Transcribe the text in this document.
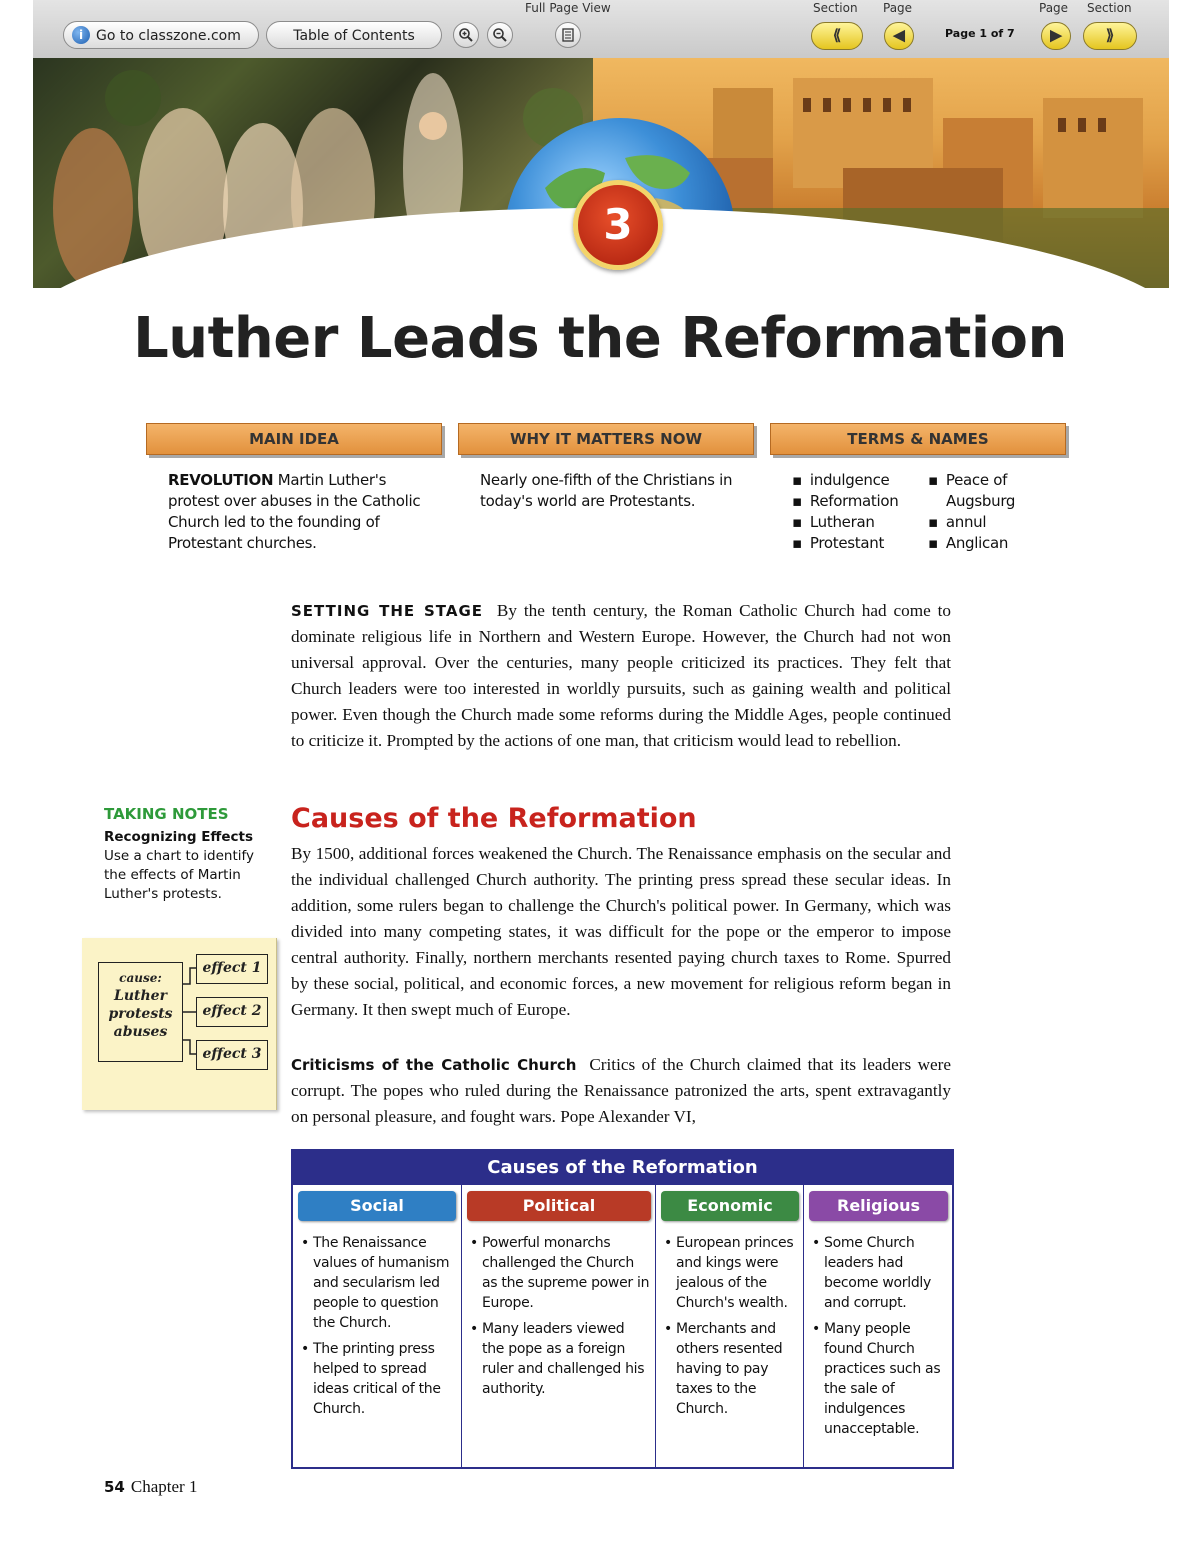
i Go to classzone.com	Table of Contents
Full Page View	Section Page
⟪	◀	Page 1 of 7
Page Section
▶	⟫
3
Luther Leads the Reformation
MAIN IDEA	WHY IT MATTERS NOW	TERMS & NAMES
REVOLUTION Martin Luther's protest over abuses in the Catholic Church led to the founding of Protestant churches.
Nearly one-fifth of the Christians in today's world are Protestants.
▪ indulgence
▪ Reformation
▪ Lutheran
▪ Protestant
▪ Peace of Augsburg
▪ annul
▪ Anglican
SETTING THE STAGE By the tenth century, the Roman Catholic Church had come to dominate religious life in Northern and Western Europe. However, the Church had not won universal approval. Over the centuries, many people criticized its practices. They felt that Church leaders were too interested in worldly pursuits, such as gaining wealth and political power. Even though the Church made some reforms during the Middle Ages, people continued to criticize it. Prompted by the actions of one man, that criticism would lead to rebellion.
TAKING NOTES
Recognizing Effects
Use a chart to identify the effects of Martin Luther's protests.
cause:
Luther protests abuses
effect 1
effect 2
effect 3
Causes of the Reformation
By 1500, additional forces weakened the Church. The Renaissance emphasis on the secular and the individual challenged Church authority. The printing press spread these secular ideas. In addition, some rulers began to challenge the Church's political power. In Germany, which was divided into many competing states, it was difficult for the pope or the emperor to impose central authority. Finally, northern merchants resented paying church taxes to Rome. Spurred by these social, political, and economic forces, a new movement for religious reform began in Germany. It then swept much of Europe.
Criticisms of the Catholic Church Critics of the Church claimed that its leaders were corrupt. The popes who ruled during the Renaissance patronized the arts, spent extravagantly on personal pleasure, and fought wars. Pope Alexander VI,
Causes of the Reformation
Social
• The Renaissance values of humanism and secularism led people to question the Church.
• The printing press helped to spread ideas critical of the Church.
Political
• Powerful monarchs challenged the Church as the supreme power in Europe.
• Many leaders viewed the pope as a foreign ruler and challenged his authority.
Economic
• European princes and kings were jealous of the Church's wealth.
• Merchants and others resented having to pay taxes to the Church.
Religious
• Some Church leaders had become worldly and corrupt.
• Many people found Church practices such as the sale of indulgences unacceptable.
54 Chapter 1
